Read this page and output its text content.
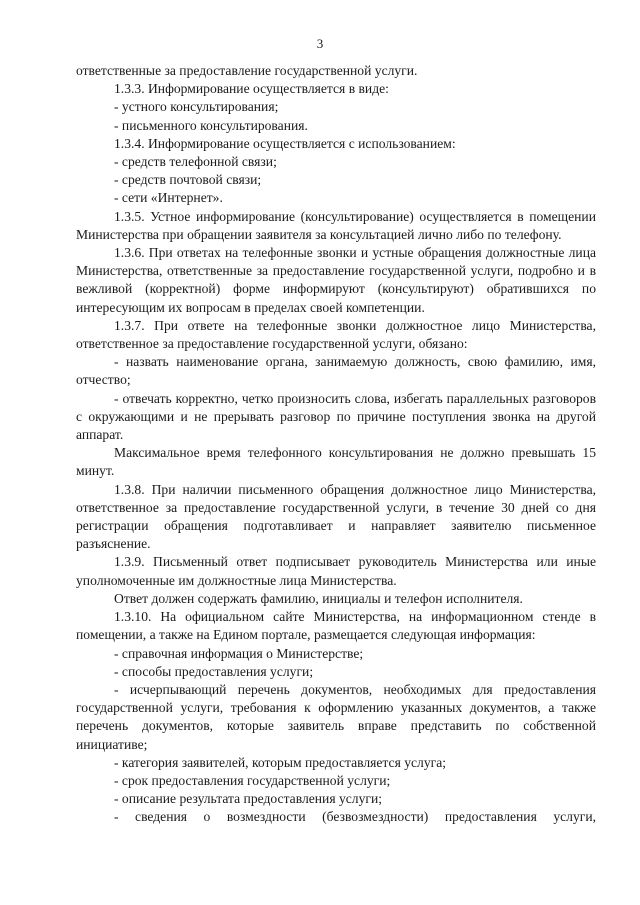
3

ответственные за предоставление государственной услуги.

1.3.3. Информирование осуществляется в виде:

- устного консультирования;

- письменного консультирования.

1.3.4. Информирование осуществляется с использованием:

- средств телефонной связи;

- средств почтовой связи;

- сети «Интернет».

1.3.5. Устное информирование (консультирование) осуществляется в помещении Министерства при обращении заявителя за консультацией лично либо по телефону.

1.3.6. При ответах на телефонные звонки и устные обращения должностные лица Министерства, ответственные за предоставление государственной услуги, подробно и в вежливой (корректной) форме информируют (консультируют) обратившихся по интересующим их вопросам в пределах своей компетенции.

1.3.7. При ответе на телефонные звонки должностное лицо Министерства, ответственное за предоставление государственной услуги, обязано:

- назвать наименование органа, занимаемую должность, свою фамилию, имя, отчество;

- отвечать корректно, четко произносить слова, избегать параллельных разговоров с окружающими и не прерывать разговор по причине поступления звонка на другой аппарат.

Максимальное время телефонного консультирования не должно превышать 15 минут.

1.3.8. При наличии письменного обращения должностное лицо Министерства, ответственное за предоставление государственной услуги, в течение 30 дней со дня регистрации обращения подготавливает и направляет заявителю письменное разъяснение.

1.3.9. Письменный ответ подписывает руководитель Министерства или иные уполномоченные им должностные лица Министерства.

Ответ должен содержать фамилию, инициалы и телефон исполнителя.

1.3.10. На официальном сайте Министерства, на информационном стенде в помещении, а также на Едином портале, размещается следующая информация:

- справочная информация о Министерстве;

- способы предоставления услуги;

- исчерпывающий перечень документов, необходимых для предоставления государственной услуги, требования к оформлению указанных документов, а также перечень документов, которые заявитель вправе представить по собственной инициативе;

- категория заявителей, которым предоставляется услуга;

- срок предоставления государственной услуги;

- описание результата предоставления услуги;

- сведения о возмездности (безвозмездности) предоставления услуги,
